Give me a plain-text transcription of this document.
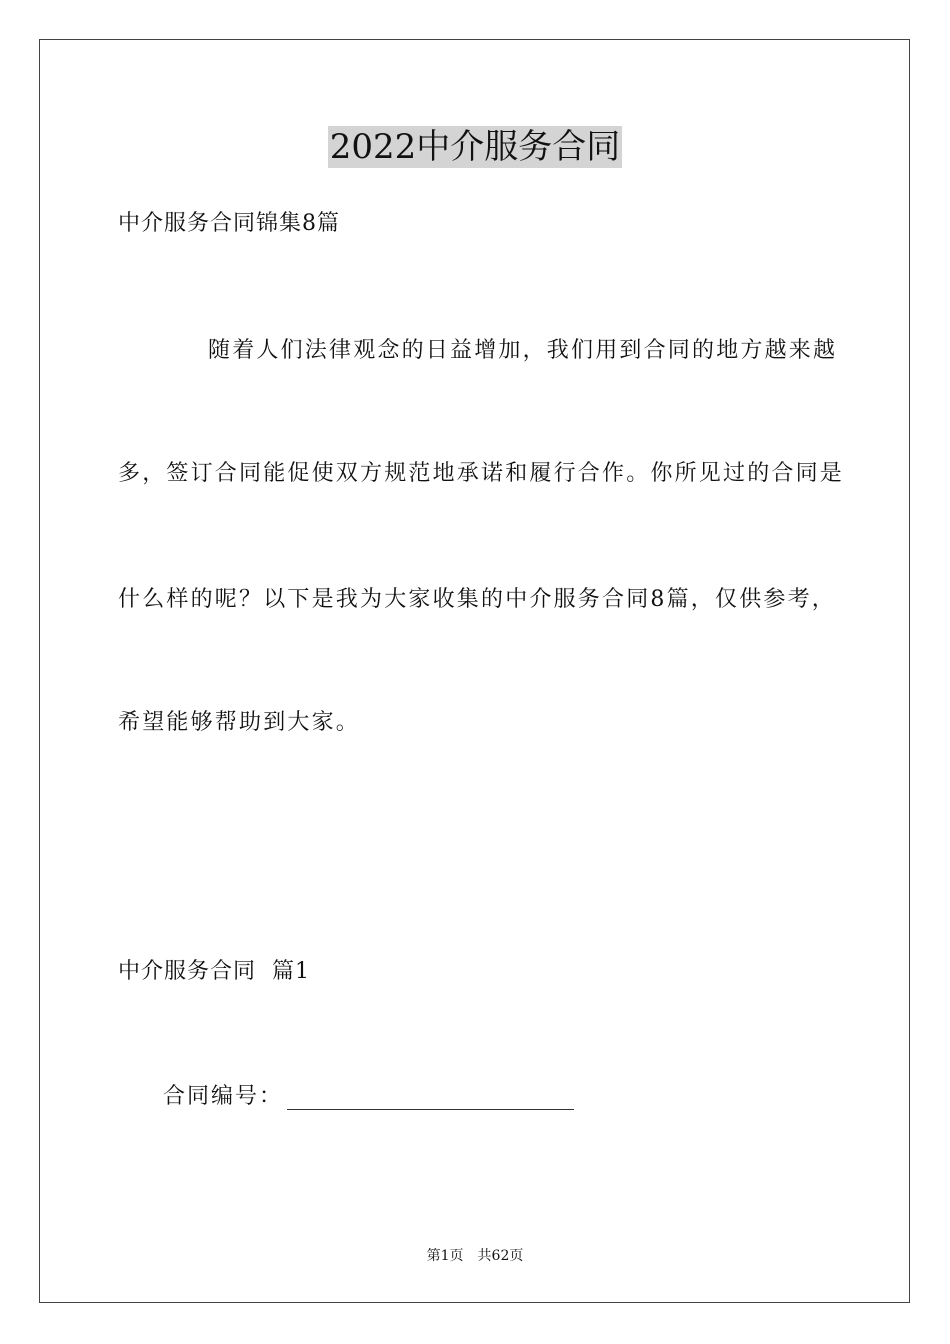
2022中介服务合同
中介服务合同锦集8篇
随着人们法律观念的日益增加，我们用到合同的地方越来越
多，签订合同能促使双方规范地承诺和履行合作。你所见过的合同是
什么样的呢？以下是我为大家收集的中介服务合同8篇，仅供参考，
希望能够帮助到大家。
中介服务合同  篇1
合同编号：
第1页 共62页
